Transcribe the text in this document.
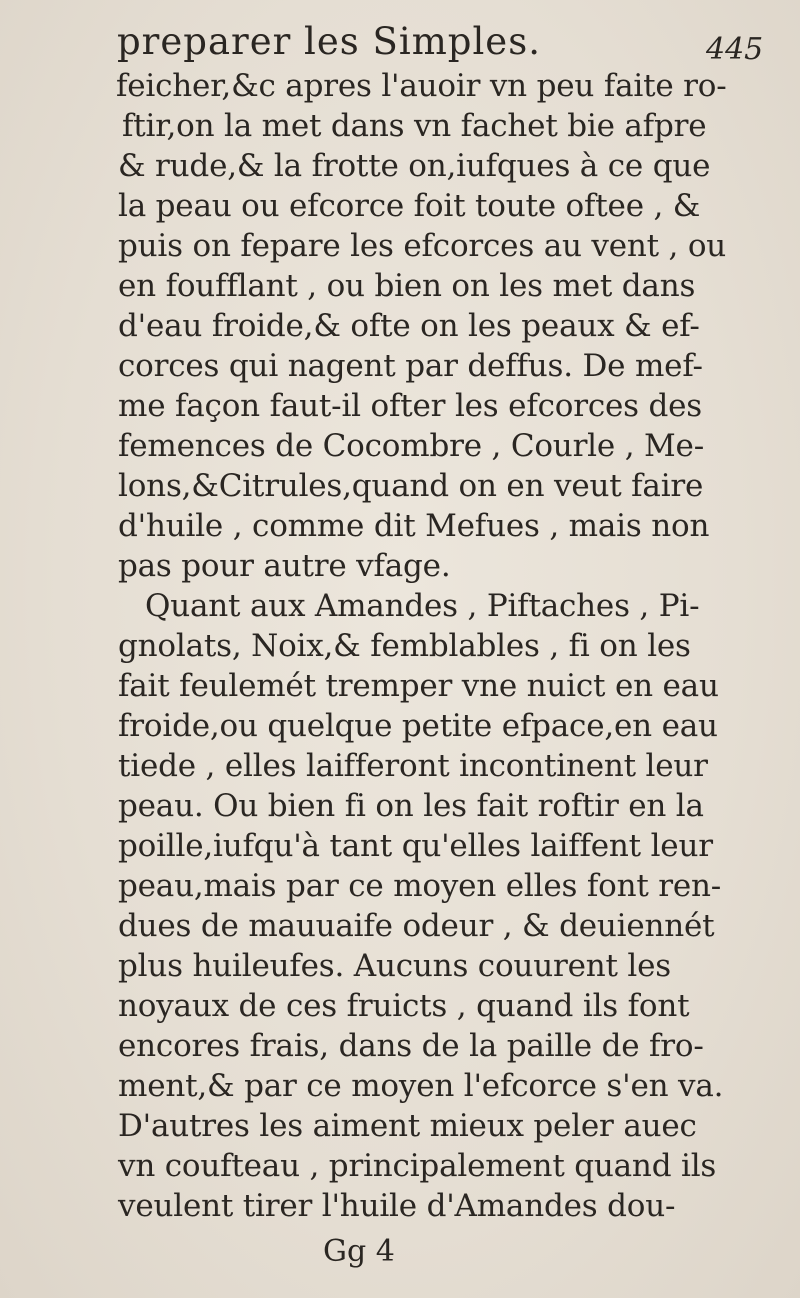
preparer les Simples.	445
feicher,&c apres l'auoir vn peu faite ro-
ftir,on la met dans vn fachet bie afpre
& rude,& la frotte on,iufques à ce que
la peau ou efcorce foit toute oftee , &
puis on fepare les efcorces au vent , ou
en foufflant , ou bien on les met dans
d'eau froide,& ofte on les peaux & ef-
corces qui nagent par deffus. De mef-
me façon faut-il ofter les efcorces des
femences de Cocombre , Courle , Me-
lons,&Citrules,quand on en veut faire
d'huile , comme dit Mefues , mais non
pas pour autre vfage.
Quant aux Amandes , Piftaches , Pi-
gnolats, Noix,& femblables , fi on les
fait feulemét tremper vne nuict en eau
froide,ou quelque petite efpace,en eau
tiede , elles laifferont incontinent leur
peau. Ou bien fi on les fait roftir en la
poille,iufqu'à tant qu'elles laiffent leur
peau,mais par ce moyen elles font ren-
dues de mauuaife odeur , & deuiennét
plus huileufes. Aucuns couurent les
noyaux de ces fruicts , quand ils font
encores frais, dans de la paille de fro-
ment,& par ce moyen l'efcorce s'en va.
D'autres les aiment mieux peler auec
vn coufteau , principalement quand ils
veulent tirer l'huile d'Amandes dou-
Gg 4
